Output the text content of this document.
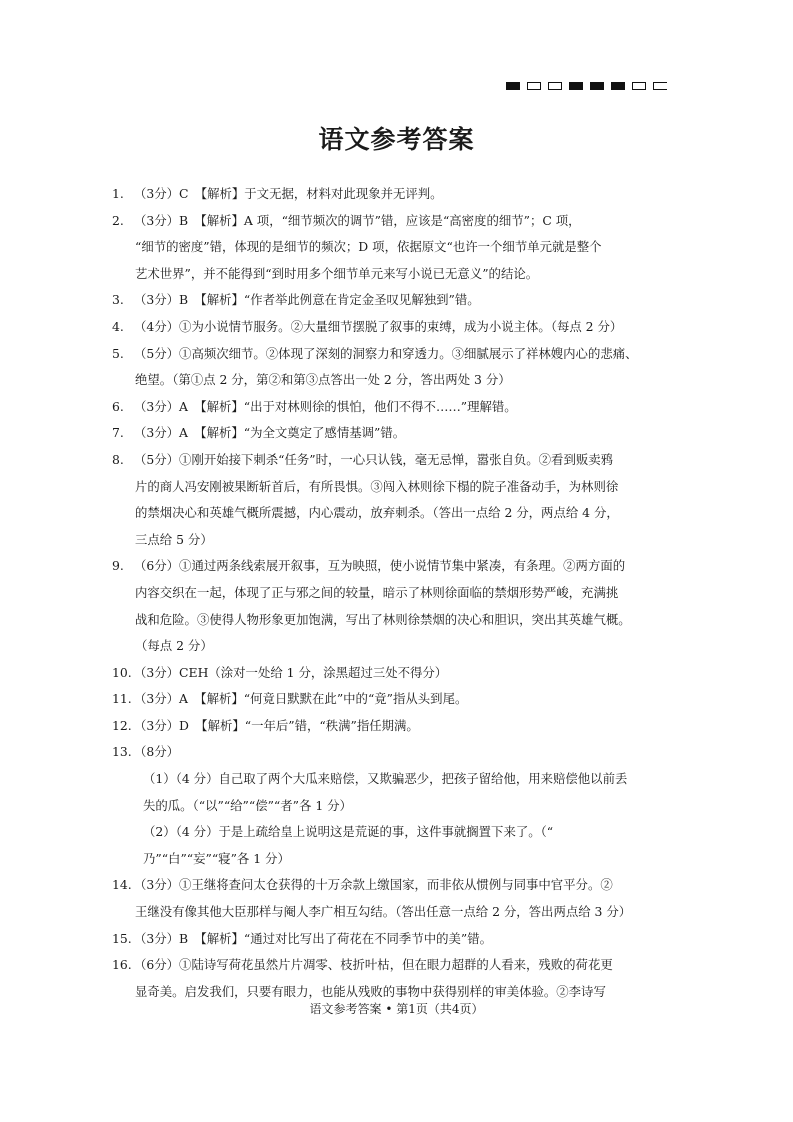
语文参考答案
1. （3分）C　【解析】于文无据，材料对此现象并无评判。
2. （3分）B　【解析】A 项，“细节频次的调节”错，应该是“高密度的细节”；C 项，
“细节的密度”错，体现的是细节的频次；D 项，依据原文“也许一个细节单元就是整个
艺术世界”，并不能得到“到时用多个细节单元来写小说已无意义”的结论。
3. （3分）B　【解析】“作者举此例意在肯定金圣叹见解独到”错。
4. （4分）①为小说情节服务。②大量细节摆脱了叙事的束缚，成为小说主体。（每点 2 分）
5. （5分）①高频次细节。②体现了深刻的洞察力和穿透力。③细腻展示了祥林嫂内心的悲痛、
绝望。（第①点 2 分，第②和第③点答出一处 2 分，答出两处 3 分）
6. （3分）A　【解析】“出于对林则徐的惧怕，他们不得不……”理解错。
7. （3分）A　【解析】“为全文奠定了感情基调”错。
8. （5分）①刚开始接下刺杀“任务”时，一心只认钱，毫无忌惮，嚣张自负。②看到贩卖鸦
片的商人冯安刚被果断斩首后，有所畏惧。③闯入林则徐下榻的院子准备动手，为林则徐
的禁烟决心和英雄气概所震撼，内心震动，放弃刺杀。（答出一点给 2 分，两点给 4 分，
三点给 5 分）
9. （6分）①通过两条线索展开叙事，互为映照，使小说情节集中紧凑，有条理。②两方面的
内容交织在一起，体现了正与邪之间的较量，暗示了林则徐面临的禁烟形势严峻，充满挑
战和危险。③使得人物形象更加饱满，写出了林则徐禁烟的决心和胆识，突出其英雄气概。
（每点 2 分）
10. （3分）CEH（涂对一处给 1 分，涂黑超过三处不得分）
11. （3分）A　【解析】“何竟日默默在此”中的“竟”指从头到尾。
12. （3分）D　【解析】“一年后”错，“秩满”指任期满。
13. （8分）
（1）（4 分）自己取了两个大瓜来赔偿，又欺骗恶少，把孩子留给他，用来赔偿他以前丢
失的瓜。（“以”“给”“偿”“者”各 1 分）
（2）（4 分）于是上疏给皇上说明这是荒诞的事，这件事就搁置下来了。（“
乃”“白”“妄”“寝”各 1 分）
14. （3分）①王继将查问太仓获得的十万余款上缴国家，而非依从惯例与同事中官平分。②
王继没有像其他大臣那样与阉人李广相互勾结。（答出任意一点给 2 分，答出两点给 3 分）
15. （3分）B　【解析】“通过对比写出了荷花在不同季节中的美”错。
16. （6分）①陆诗写荷花虽然片片凋零、枝折叶枯，但在眼力超群的人看来，残败的荷花更
显奇美。启发我们，只要有眼力，也能从残败的事物中获得别样的审美体验。②李诗写
语文参考答案 • 第1页（共4页）
